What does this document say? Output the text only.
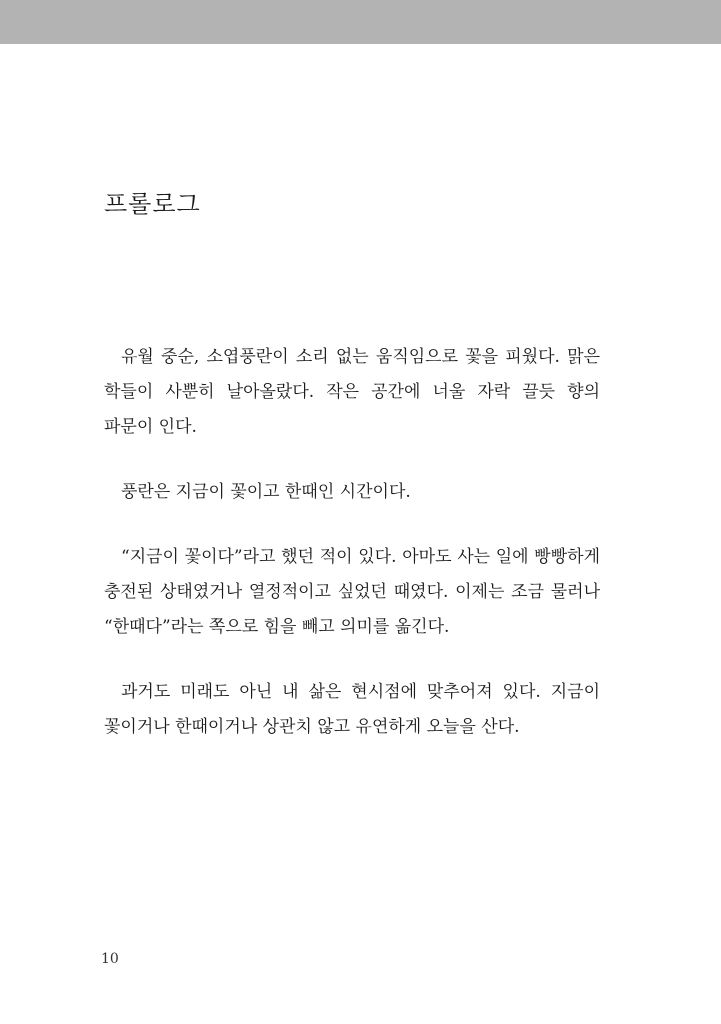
프롤로그

유월 중순, 소엽풍란이 소리 없는 움직임으로 꽃을 피웠다. 맑은 학들이 사뿐히 날아올랐다. 작은 공간에 너울 자락 끌듯 향의 파문이 인다.

풍란은 지금이 꽃이고 한때인 시간이다.

“지금이 꽃이다”라고 했던 적이 있다. 아마도 사는 일에 빵빵하게 충전된 상태였거나 열정적이고 싶었던 때였다. 이제는 조금 물러나 “한때다”라는 쪽으로 힘을 빼고 의미를 옮긴다.

과거도 미래도 아닌 내 삶은 현시점에 맞추어져 있다. 지금이 꽃이거나 한때이거나 상관치 않고 유연하게 오늘을 산다.

10
